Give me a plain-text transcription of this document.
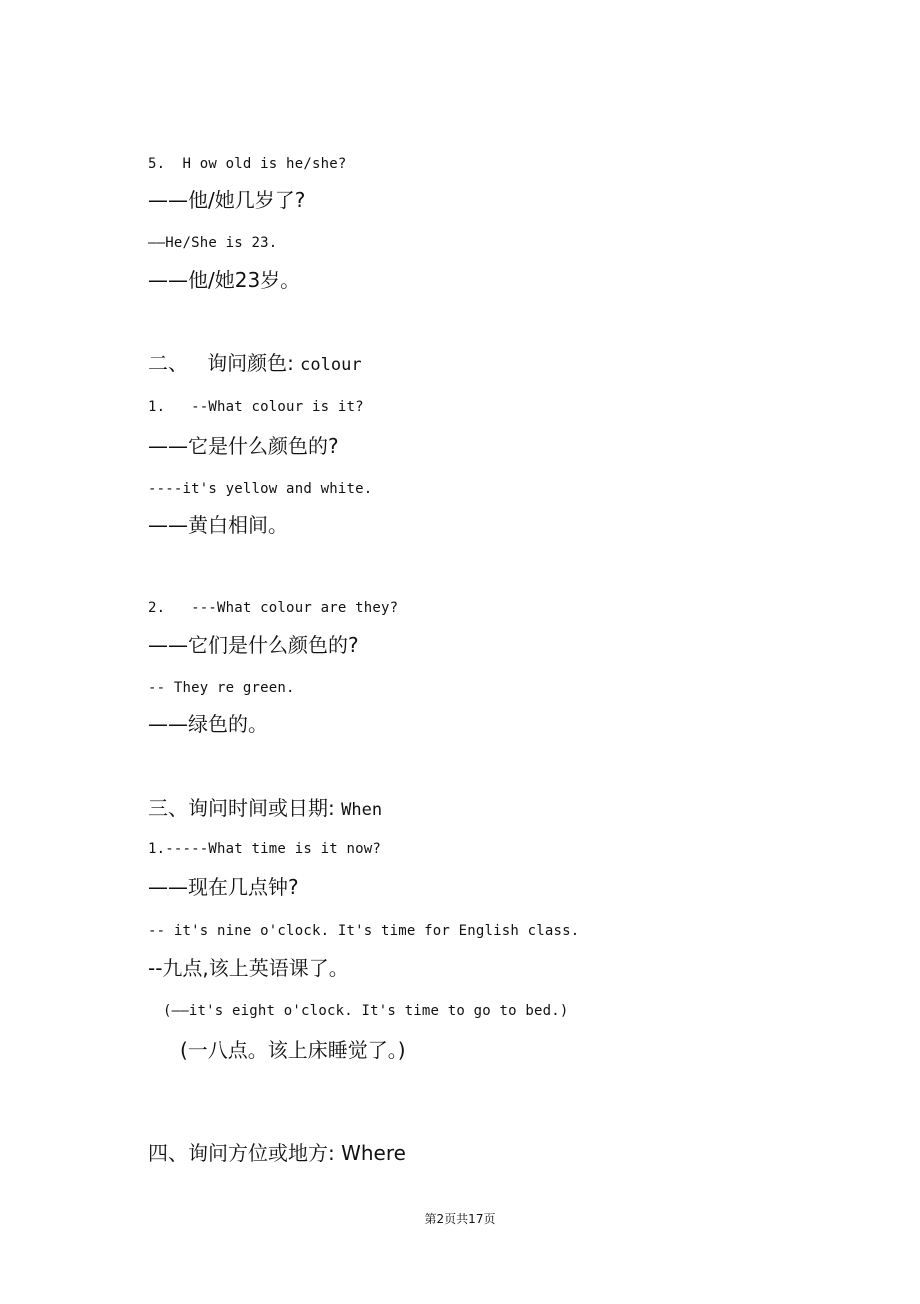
5.  H ow old is he/she?
——他/她几岁了?
——He/She is 23.
——他/她23岁。
二、   询问颜色: colour
1.   --What colour is it?
——它是什么颜色的?
----it's yellow and white.
——黄白相间。
2.   ---What colour are they?
——它们是什么颜色的?
-- They re green.
——绿色的。
三、询问时间或日期: When
1.-----What time is it now?
——现在几点钟?
-- it's nine o'clock. It's time for English class.
--九点,该上英语课了。
(——it's eight o'clock. It's time to go to bed.)
(一八点。该上床睡觉了。)
四、询问方位或地方: Where
第2页共17页
